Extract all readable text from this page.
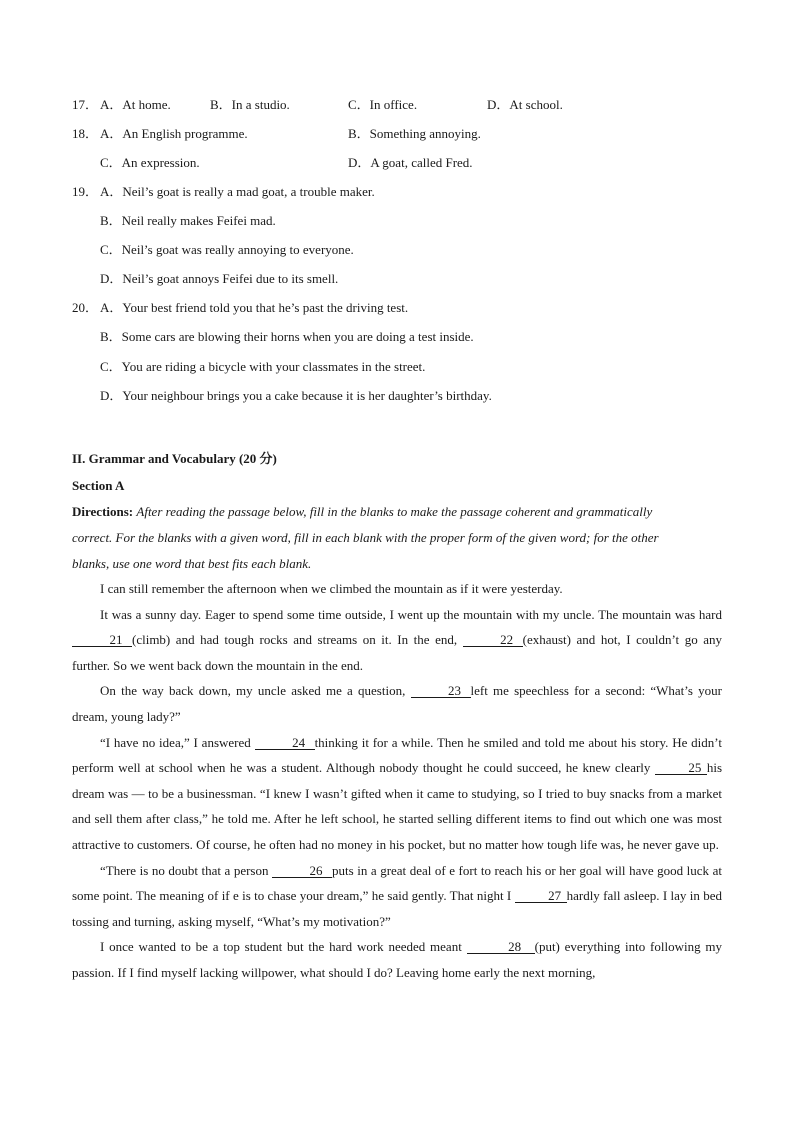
17． A．At home.	B．In a studio.	C．In office.	D．At school.
18． A．An English programme.	B．Something annoying.
C．An expression.	D．A goat, called Fred.
19． A．Neil’s goat is really a mad goat, a trouble maker.
B．Neil really makes Feifei mad.
C．Neil’s goat was really annoying to everyone.
D．Neil’s goat annoys Feifei due to its smell.
20． A．Your best friend told you that he’s past the driving test.
B．Some cars are blowing their horns when you are doing a test inside.
C．You are riding a bicycle with your classmates in the street.
D．Your neighbour brings you a cake because it is her daughter’s birthday.
II. Grammar and Vocabulary (20 分)
Section A
Directions: After reading the passage below, fill in the blanks to make the passage coherent and grammatically
correct. For the blanks with a given word, fill in each blank with the proper form of the given word; for the other
blanks, use one word that best fits each blank.

I can still remember the afternoon when we climbed the mountain as if it were yesterday.

It was a sunny day. Eager to spend some time outside, I went up the mountain with my uncle. The mountain was hard 21 (climb) and had tough rocks and streams on it. In the end,	22 (exhaust) and hot, I couldn’t go any further. So we went back down the mountain in the end.

On the way back down, my uncle asked me a question,	23 left me speechless for a second: “What’s your dream, young lady?”

“I have no idea,” I answered	24 thinking it for a while. Then he smiled and told me about his story. He didn’t perform well at school when he was a student. Although nobody thought he could succeed, he knew clearly	25 his dream was — to be a businessman. “I knew I wasn’t gifted when it came to studying, so I tried to buy snacks from a market and sell them after class,” he told me. After he left school, he started selling different items to find out which one was most attractive to customers. Of course, he often had no money in his pocket, but no matter how tough life was, he never gave up.

“There is no doubt that a person	26 puts in a great deal of e fort to reach his or her goal will have good luck at some point. The meaning of if e is to chase your dream,” he said gently. That night I	27 hardly fall asleep. I lay in bed tossing and turning, asking myself, “What’s my motivation?”

I once wanted to be a top student but the hard work needed meant	28 (put) everything into following my passion. If I find myself lacking willpower, what should I do? Leaving home early the next morning,
